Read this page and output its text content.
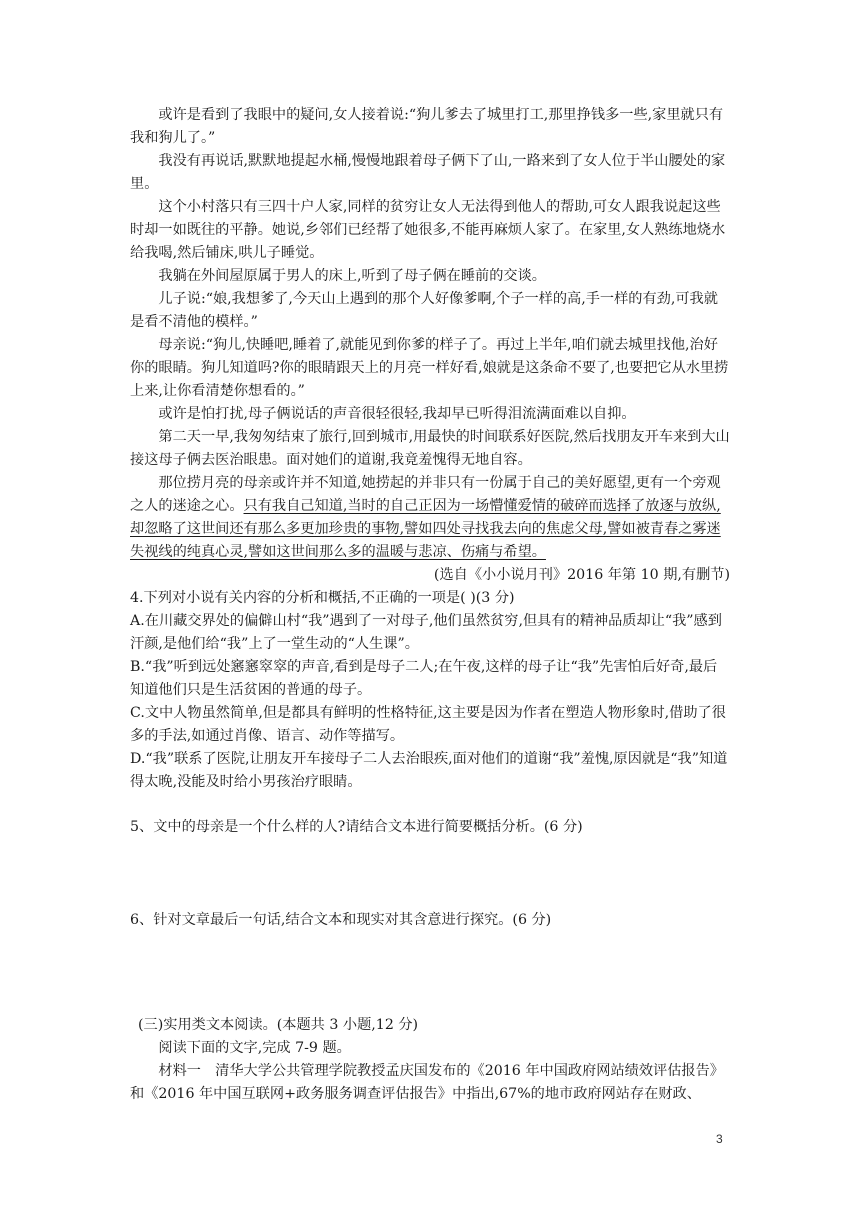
或许是看到了我眼中的疑问,女人接着说:“狗儿爹去了城里打工,那里挣钱多一些,家里就只有我和狗儿了。”

我没有再说话,默默地提起水桶,慢慢地跟着母子俩下了山,一路来到了女人位于半山腰处的家里。

这个小村落只有三四十户人家,同样的贫穷让女人无法得到他人的帮助,可女人跟我说起这些时却一如既往的平静。她说,乡邻们已经帮了她很多,不能再麻烦人家了。在家里,女人熟练地烧水给我喝,然后铺床,哄儿子睡觉。

我躺在外间屋原属于男人的床上,听到了母子俩在睡前的交谈。

儿子说:“娘,我想爹了,今天山上遇到的那个人好像爹啊,个子一样的高,手一样的有劲,可我就是看不清他的模样。”

母亲说:“狗儿,快睡吧,睡着了,就能见到你爹的样子了。再过上半年,咱们就去城里找他,治好你的眼睛。狗儿知道吗?你的眼睛跟天上的月亮一样好看,娘就是这条命不要了,也要把它从水里捞上来,让你看清楚你想看的。”

或许是怕打扰,母子俩说话的声音很轻很轻,我却早已听得泪流满面难以自抑。

第二天一早,我匆匆结束了旅行,回到城市,用最快的时间联系好医院,然后找朋友开车来到大山接这母子俩去医治眼患。面对她们的道谢,我竟羞愧得无地自容。

那位捞月亮的母亲或许并不知道,她捞起的并非只有一份属于自己的美好愿望,更有一个旁观之人的迷途之心。只有我自己知道,当时的自己正因为一场懵懂爱情的破碎而选择了放逐与放纵,却忽略了这世间还有那么多更加珍贵的事物,譬如四处寻找我去向的焦虑父母,譬如被青春之雾迷失视线的纯真心灵,譬如这世间那么多的温暖与悲凉、伤痛与希望。

(选自《小小说月刊》2016 年第 10 期,有删节)

4.下列对小说有关内容的分析和概括,不正确的一项是( )(3 分)

A.在川藏交界处的偏僻山村“我”遇到了一对母子,他们虽然贫穷,但具有的精神品质却让“我”感到汗颜,是他们给“我”上了一堂生动的“人生课”。

B.“我”听到远处窸窸窣窣的声音,看到是母子二人;在午夜,这样的母子让“我”先害怕后好奇,最后知道他们只是生活贫困的普通的母子。

C.文中人物虽然简单,但是都具有鲜明的性格特征,这主要是因为作者在塑造人物形象时,借助了很多的手法,如通过肖像、语言、动作等描写。

D.“我”联系了医院,让朋友开车接母子二人去治眼疾,面对他们的道谢“我”羞愧,原因就是“我”知道得太晚,没能及时给小男孩治疗眼睛。

5、文中的母亲是一个什么样的人?请结合文本进行简要概括分析。(6 分)

6、针对文章最后一句话,结合文本和现实对其含意进行探究。(6 分)

(三)实用类文本阅读。(本题共 3 小题,12 分)

阅读下面的文字,完成 7-9 题。

材料一　清华大学公共管理学院教授孟庆国发布的《2016 年中国政府网站绩效评估报告》和《2016 年中国互联网+政务服务调查评估报告》中指出,67%的地市政府网站存在财政、

3
